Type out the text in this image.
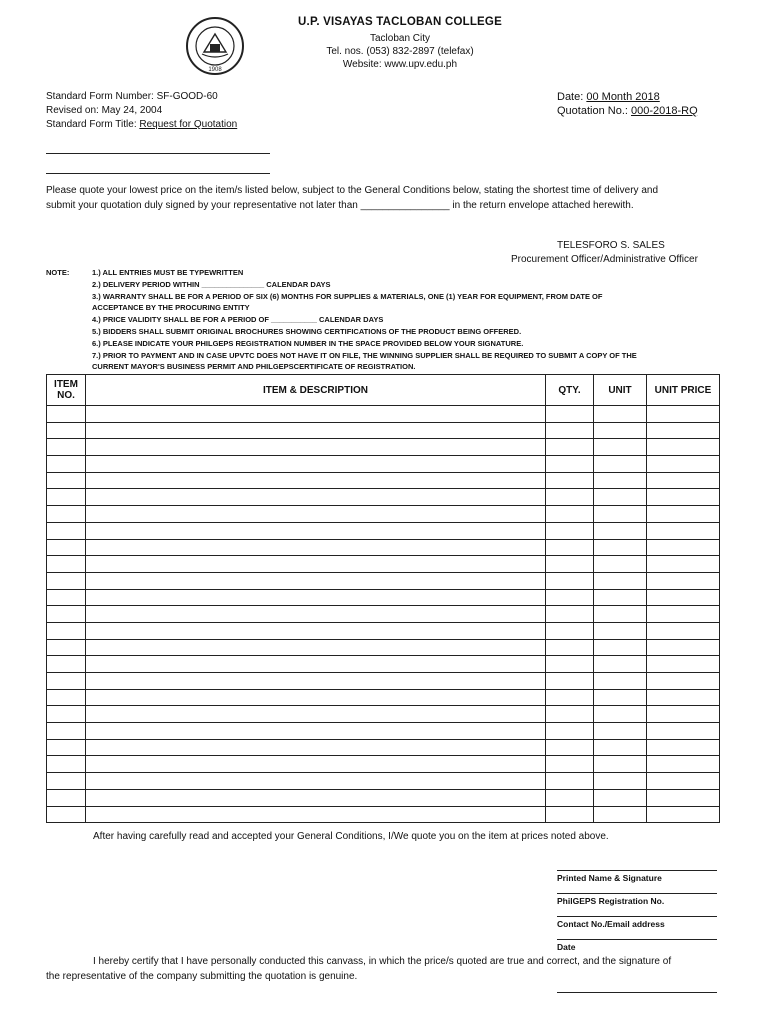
1908
U.P. VISAYAS TACLOBAN COLLEGE
Tacloban City
Tel. nos. (053) 832-2897 (telefax)
Website: www.upv.edu.ph
Standard Form Number: SF-GOOD-60
Revised on: May 24, 2004
Standard Form Title: Request for Quotation
Date: 00 Month 2018
Quotation No.: 000-2018-RQ
Please quote your lowest price on the item/s listed below, subject to the General Conditions below, stating the shortest time of delivery and
submit your quotation duly signed by your representative not later than ________________ in the return envelope attached herewith.
TELESFORO S. SALES
Procurement Officer/Administrative Officer
NOTE:	1.) ALL ENTRIES MUST BE TYPEWRITTEN
2.) DELIVERY PERIOD WITHIN _______________ CALENDAR DAYS
3.) WARRANTY SHALL BE FOR A PERIOD OF SIX (6) MONTHS FOR SUPPLIES & MATERIALS, ONE (1) YEAR FOR EQUIPMENT, FROM DATE OF
ACCEPTANCE BY THE PROCURING ENTITY
4.) PRICE VALIDITY SHALL BE FOR A PERIOD OF ___________ CALENDAR DAYS
5.) BIDDERS SHALL SUBMIT ORIGINAL BROCHURES SHOWING CERTIFICATIONS OF THE PRODUCT BEING OFFERED.
6.) PLEASE INDICATE YOUR PHILGEPS REGISTRATION NUMBER IN THE SPACE PROVIDED BELOW YOUR SIGNATURE.
7.) PRIOR TO PAYMENT AND IN CASE UPVTC DOES NOT HAVE IT ON FILE, THE WINNING SUPPLIER SHALL BE REQUIRED TO SUBMIT A COPY OF THE
CURRENT MAYOR'S BUSINESS PERMIT AND PHILGEPSCERTIFICATE OF REGISTRATION.
ITEM
NO.	ITEM & DESCRIPTION	QTY.	UNIT	UNIT PRICE

After having carefully read and accepted your General Conditions, I/We quote you on the item at prices noted above.
Printed Name & Signature
PhilGEPS Registration No.
Contact No./Email address
Date
I hereby certify that I have personally conducted this canvass, in which the price/s quoted are true and correct, and the signature of
the representative of the company submitting the quotation is genuine.
